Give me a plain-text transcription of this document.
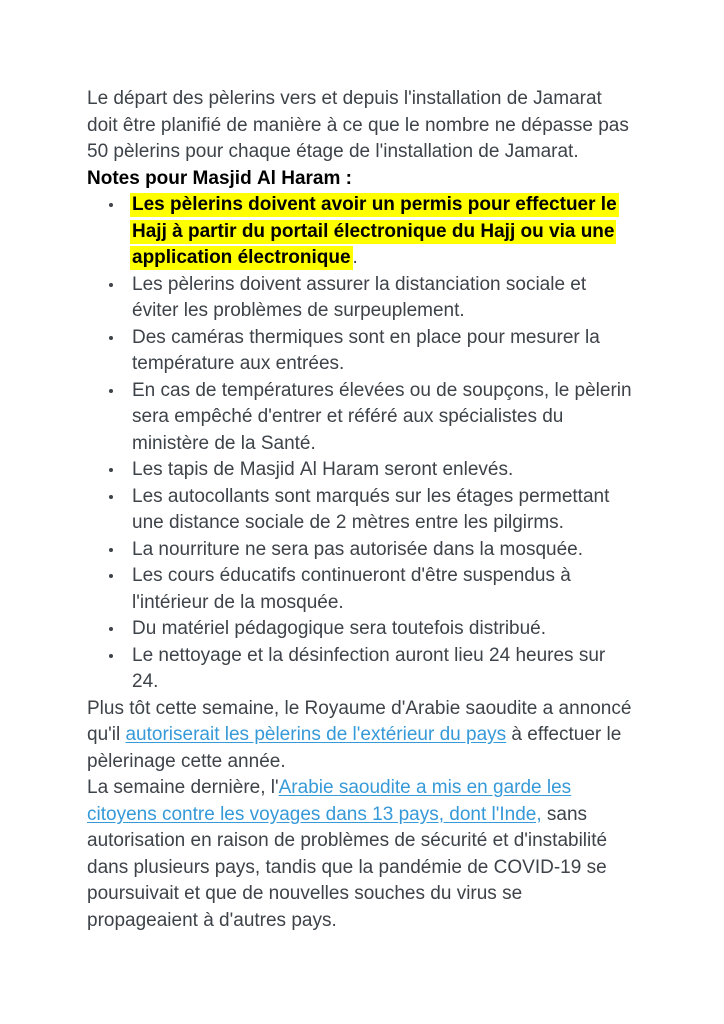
Le départ des pèlerins vers et depuis l'installation de Jamarat doit être planifié de manière à ce que le nombre ne dépasse pas 50 pèlerins pour chaque étage de l'installation de Jamarat.

Notes pour Masjid Al Haram :

Les pèlerins doivent avoir un permis pour effectuer le Hajj à partir du portail électronique du Hajj ou via une application électronique .
Les pèlerins doivent assurer la distanciation sociale et éviter les problèmes de surpeuplement.
Des caméras thermiques sont en place pour mesurer la température aux entrées.
En cas de températures élevées ou de soupçons, le pèlerin sera empêché d'entrer et référé aux spécialistes du ministère de la Santé.
Les tapis de Masjid Al Haram seront enlevés.
Les autocollants sont marqués sur les étages permettant une distance sociale de 2 mètres entre les pilgirms.
La nourriture ne sera pas autorisée dans la mosquée.
Les cours éducatifs continueront d'être suspendus à l'intérieur de la mosquée.
Du matériel pédagogique sera toutefois distribué.
Le nettoyage et la désinfection auront lieu 24 heures sur 24.

Plus tôt cette semaine, le Royaume d'Arabie saoudite a annoncé qu'il autoriserait les pèlerins de l'extérieur du pays à effectuer le pèlerinage cette année.

La semaine dernière, l'Arabie saoudite a mis en garde les citoyens contre les voyages dans 13 pays, dont l'Inde, sans autorisation en raison de problèmes de sécurité et d'instabilité dans plusieurs pays, tandis que la pandémie de COVID-19 se poursuivait et que de nouvelles souches du virus se propageaient à d'autres pays.
